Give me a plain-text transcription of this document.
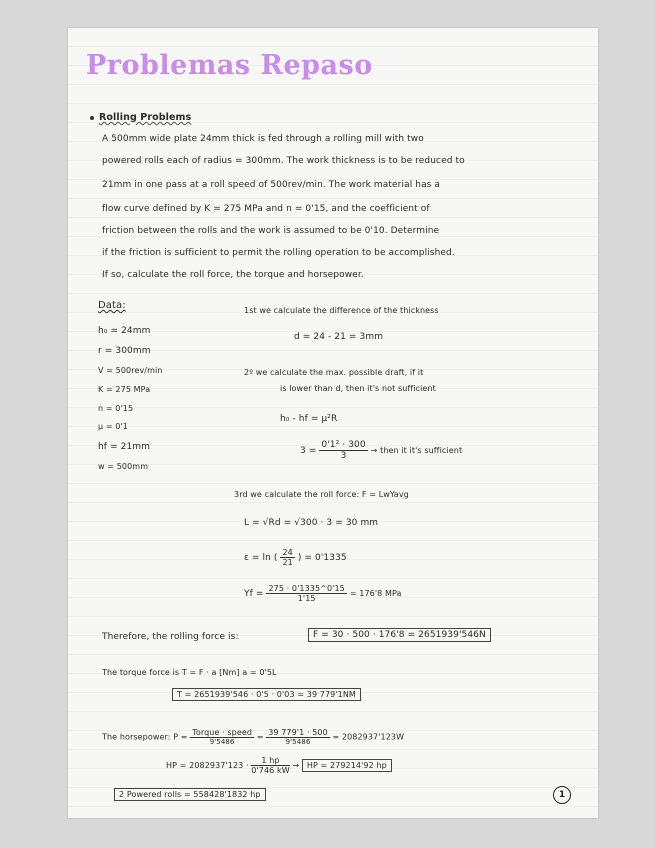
Problemas Repaso
Rolling Problems
A 500mm wide plate 24mm thick is fed through a rolling mill with two
powered rolls each of radius = 300mm. The work thickness is to be reduced to
21mm in one pass at a roll speed of 500rev/min. The work material has a
flow curve defined by K = 275 MPa and n = 0'15, and the coefficient of
friction between the rolls and the work is assumed to be 0'10. Determine
if the friction is sufficient to permit the rolling operation to be accomplished.
If so, calculate the roll force, the torque and horsepower.
Data:
h₀ = 24mm
r = 300mm
V = 500rev/min
K = 275 MPa
n = 0'15
μ = 0'1
hf = 21mm
w = 500mm
1st we calculate the difference of the thickness
d = 24 - 21 = 3mm
2º we calculate the max. possible draft, if it
is lower than d, then it's not sufficient
h₀ - hf = μ²R
$3 = \frac{\text{0'1² · 300}}{3}$ → then it it's sufficient
3rd we calculate the roll force: F = LwYavg
L = √Rd = √300 · 3 = 30 mm
ε = ln ( $\frac{24}{21}$ ) = 0'1335
$Yf = \frac{275 \cdot 0'1335\^{}0'15}{1'15} = 176'8$ MPa
Therefore, the rolling force is:	F = 30 · 500 · 176'8 = 2651939'546N
The torque force is T = F · a [Nm] a = 0'5L
T = 2651939'546 · 0'5 · 0'03 = 39 779'1NM
The horsepower: $P = \frac{\text{Torque · speed}}{9'5486} = \frac{39 779'1 \cdot 500}{9'5486} = 2082937'123W$
HP = $2082937'123 \cdot \frac{1 hp}{0'746 kW}$ → HP = 279214'92 hp
2 Powered rolls = 558428'1832 hp	1
